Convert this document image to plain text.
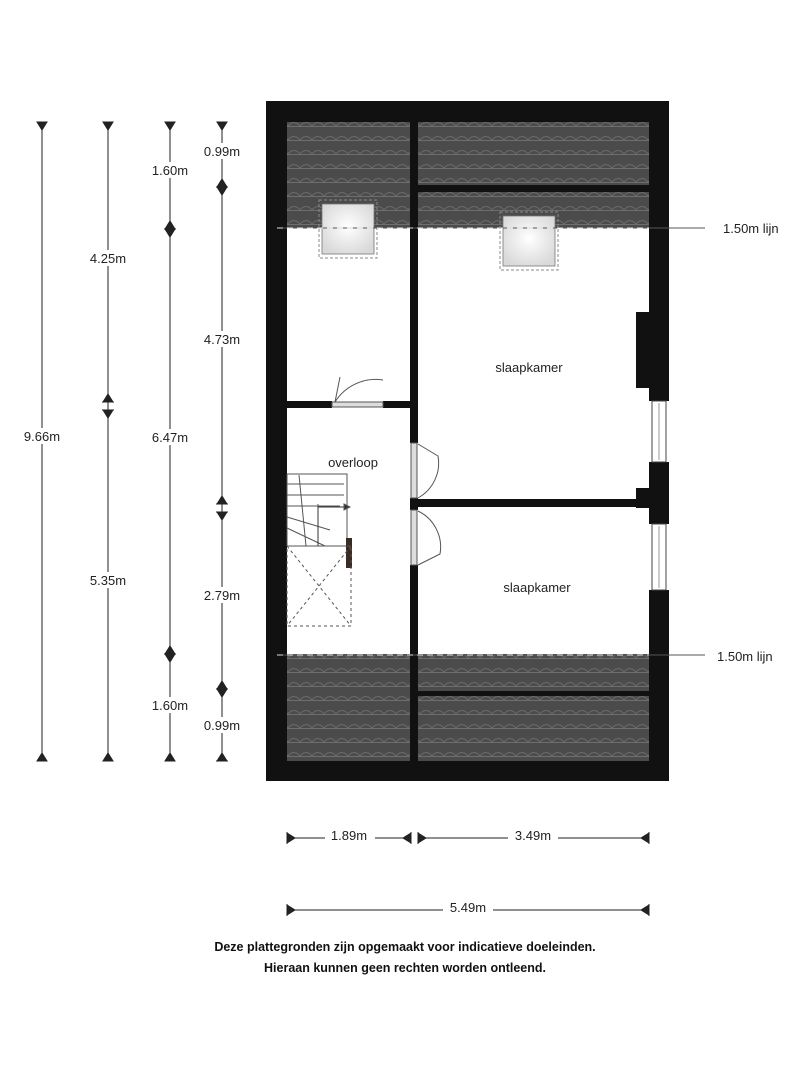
slaapkamer
slaapkamer
overloop
1.50m lijn
1.50m lijn
9.66m
4.25m
5.35m
1.60m
6.47m
1.60m
0.99m
4.73m
2.79m
0.99m
1.89m	3.49m
5.49m
Deze plattegronden zijn opgemaakt voor indicatieve doeleinden.
Hieraan kunnen geen rechten worden ontleend.
